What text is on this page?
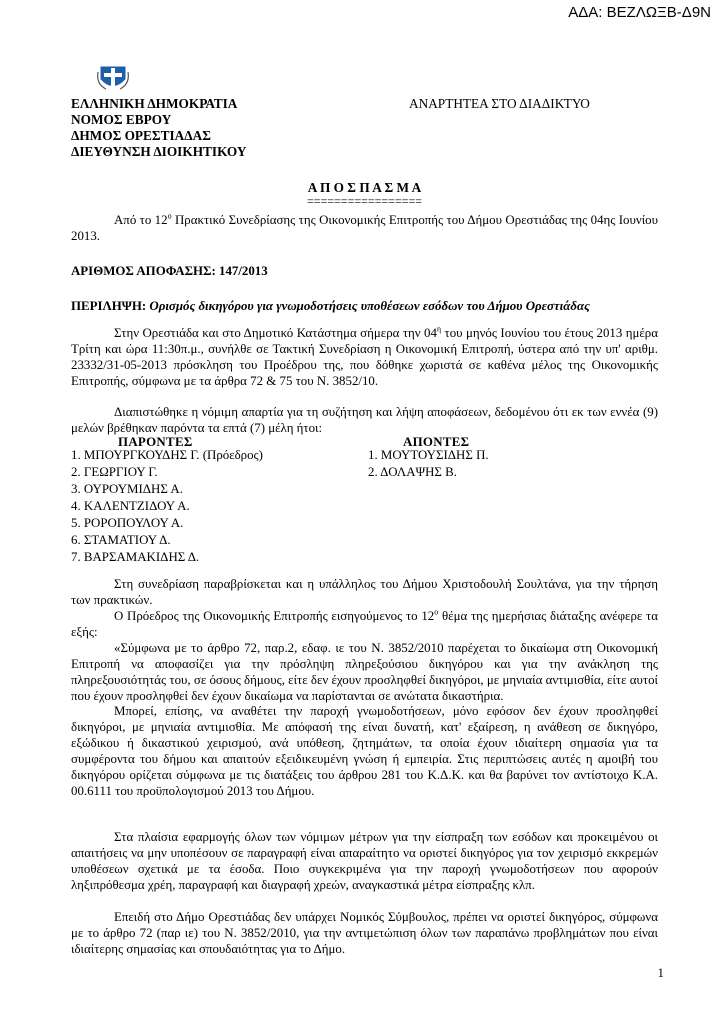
ΑΔΑ: ΒΕΖΛΩΞΒ-Δ9Ν
ΕΛΛΗΝΙΚΗ ΔΗΜΟΚΡΑΤΙΑ
ΝΟΜΟΣ ΕΒΡΟΥ
ΔΗΜΟΣ ΟΡΕΣΤΙΑΔΑΣ
ΔΙΕΥΘΥΝΣΗ ΔΙΟΙΚΗΤΙΚΟΥ
ΑΝΑΡΤΗΤΕΑ ΣΤΟ ΔΙΑΔΙΚΤΥΟ
Α Π Ο Σ Π Α Σ Μ Α
=================
Από το $12^o$ Πρακτικό Συνεδρίασης της Οικονομικής Επιτροπής του Δήμου Ορεστιάδας της 04ης Ιουνίου 2013.
ΑΡΙΘΜΟΣ ΑΠΟΦΑΣΗΣ: 147/2013
ΠΕΡΙΛΗΨΗ: Ορισμός δικηγόρου για γνωμοδοτήσεις υποθέσεων εσόδων του Δήμου Ορεστιάδας
Στην Ορεστιάδα και στο Δημοτικό Κατάστημα σήμερα την $04^\eta$ του μηνός Ιουνίου του έτους 2013 ημέρα Τρίτη και ώρα 11:30π.μ., συνήλθε σε Τακτική Συνεδρίαση η Οικονομική Επιτροπή, ύστερα από την υπ' αριθμ. 23332/31-05-2013 πρόσκληση του Προέδρου της, που δόθηκε χωριστά σε καθένα μέλος της Οικονομικής Επιτροπής, σύμφωνα με τα άρθρα 72 & 75 του Ν. 3852/10.
Διαπιστώθηκε η νόμιμη απαρτία για τη συζήτηση και λήψη αποφάσεων, δεδομένου ότι εκ των εννέα (9) μελών βρέθηκαν παρόντα τα επτά (7) μέλη ήτοι:
ΠΑΡΟΝΤΕΣ	ΑΠΟΝΤΕΣ
1. ΜΠΟΥΡΓΚΟΥΔΗΣ Γ. (Πρόεδρος)
2. ΓΕΩΡΓΙΟΥ Γ.
3. ΟΥΡΟΥΜΙΔΗΣ Α.
4. ΚΑΛΕΝΤΖΙΔΟΥ Α.
5. ΡΟΡΟΠΟΥΛΟΥ Α.
6. ΣΤΑΜΑΤΙΟΥ Δ.
7. ΒΑΡΣΑΜΑΚΙΔΗΣ Δ.
1. ΜΟΥΤΟΥΣΙΔΗΣ Π.
2. ΔΟΛΑΨΗΣ Β.
Στη συνεδρίαση παραβρίσκεται και η υπάλληλος του Δήμου Χριστοδουλή Σουλτάνα, για την τήρηση των πρακτικών.
Ο Πρόεδρος της Οικονομικής Επιτροπής εισηγούμενος το $12^o$ θέμα της ημερήσιας διάταξης ανέφερε τα εξής:
«Σύμφωνα με το άρθρο 72, παρ.2, εδαφ. ιε του Ν. 3852/2010 παρέχεται το δικαίωμα στη Οικονομική Επιτροπή να αποφασίζει για την πρόσληψη πληρεξούσιου δικηγόρου και για την ανάκληση της πληρεξουσιότητάς του, σε όσους δήμους, είτε δεν έχουν προσληφθεί δικηγόροι, με μηνιαία αντιμισθία, είτε αυτοί που έχουν προσληφθεί δεν έχουν δικαίωμα να παρίστανται σε ανώτατα δικαστήρια.
Μπορεί, επίσης, να αναθέτει την παροχή γνωμοδοτήσεων, μόνο εφόσον δεν έχουν προσληφθεί δικηγόροι, με μηνιαία αντιμισθία. Με απόφασή της είναι δυνατή, κατ' εξαίρεση, η ανάθεση σε δικηγόρο, εξώδικου ή δικαστικού χειρισμού, ανά υπόθεση, ζητημάτων, τα οποία έχουν ιδιαίτερη σημασία για τα συμφέροντα του δήμου και απαιτούν εξειδικευμένη γνώση ή εμπειρία. Στις περιπτώσεις αυτές η αμοιβή του δικηγόρου ορίζεται σύμφωνα με τις διατάξεις του άρθρου 281 του Κ.Δ.Κ. και θα βαρύνει τον αντίστοιχο Κ.Α. 00.6111 του προϋπολογισμού 2013 του Δήμου.
Στα πλαίσια εφαρμογής όλων των νόμιμων μέτρων για την είσπραξη των εσόδων και προκειμένου οι απαιτήσεις να μην υποπέσουν σε παραγραφή είναι απαραίτητο να οριστεί δικηγόρος για τον χειρισμό εκκρεμών υποθέσεων σχετικά με τα έσοδα. Ποιο συγκεκριμένα για την παροχή γνωμοδοτήσεων που αφορούν ληξιπρόθεσμα χρέη, παραγραφή και διαγραφή χρεών, αναγκαστικά μέτρα είσπραξης κλπ.
Επειδή στο Δήμο Ορεστιάδας δεν υπάρχει Νομικός Σύμβουλος, πρέπει να οριστεί δικηγόρος, σύμφωνα με το άρθρο 72 (παρ ιε) του Ν. 3852/2010, για την αντιμετώπιση όλων των παραπάνω προβλημάτων που είναι ιδιαίτερης σημασίας και σπουδαιότητας για το Δήμο.
1
